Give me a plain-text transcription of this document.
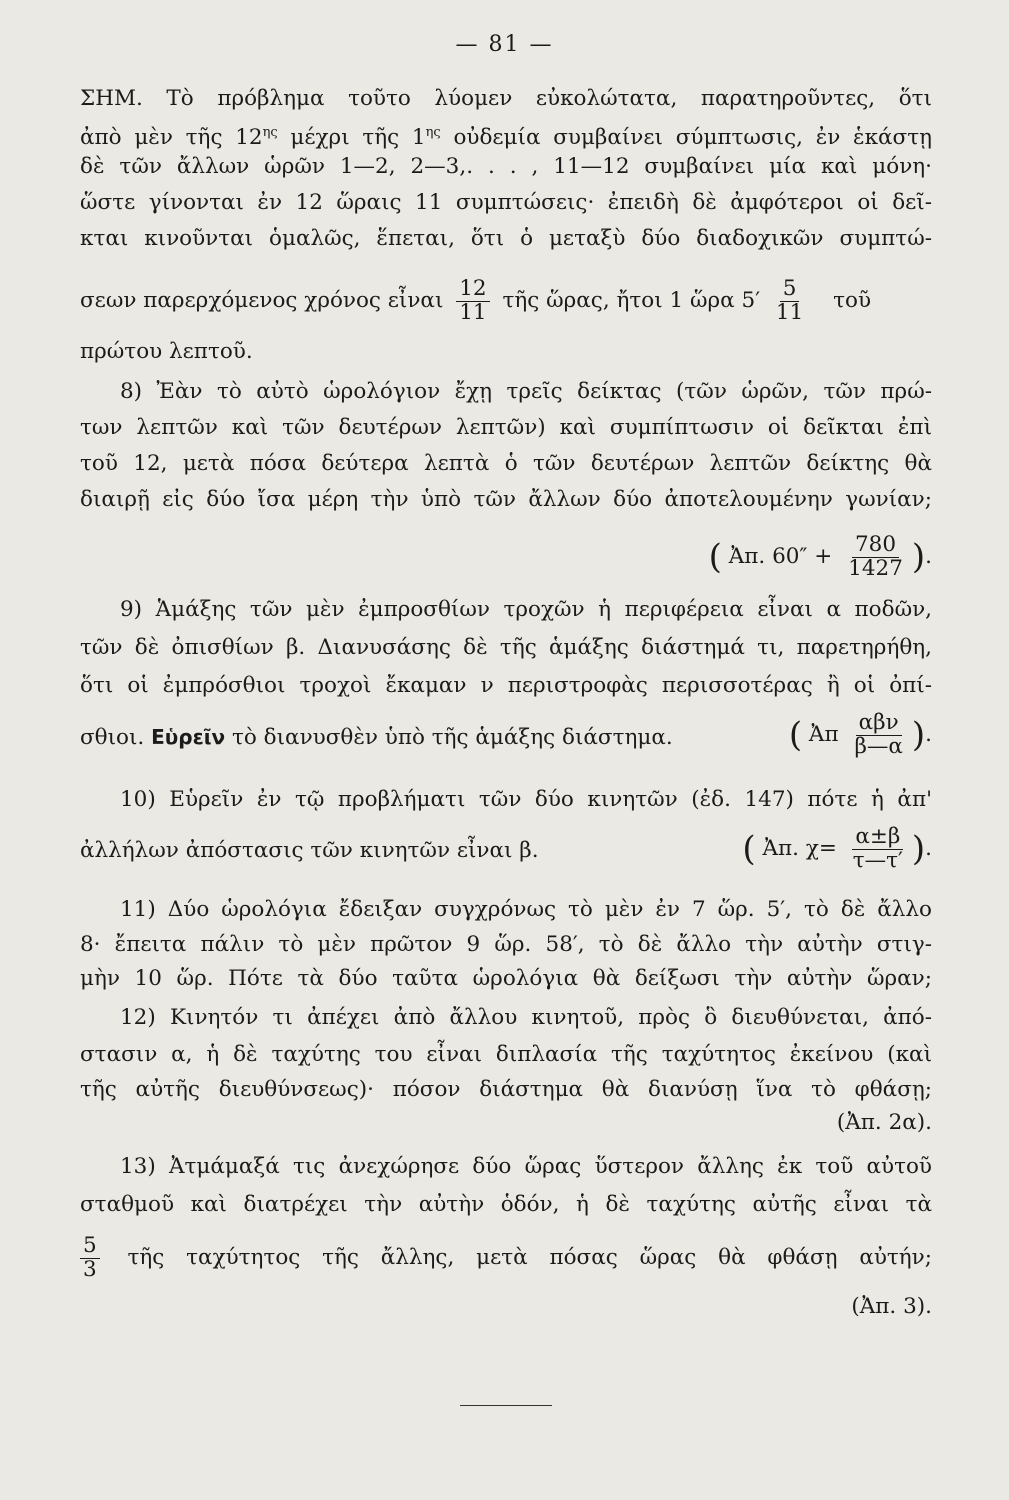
— 81 —
ΣΗΜ. Τὸ πρόβλημα τοῦτο λύομεν εὐκολώτατα, παρατηροῦντες, ὅτι
ἀπὸ μὲν τῆς $12^{\eta\varsigma}$ μέχρι τῆς $1^{\eta\varsigma}$ οὐδεμία συμβαίνει σύμπτωσις, ἐν ἑκάστῃ
δὲ τῶν ἄλλων ὡρῶν 1—2, 2—3,. . . , 11—12 συμβαίνει μία καὶ μόνη·
ὥστε γίνονται ἐν 12 ὥραις 11 συμπτώσεις· ἐπειδὴ δὲ ἀμφότεροι οἱ δεῖ-
κται κινοῦνται ὁμαλῶς, ἕπεται, ὅτι ὁ μεταξὺ δύο διαδοχικῶν συμπτώ-
σεων παρερχόμενος χρόνος εἶναι $\frac{12}{11}$ τῆς ὥρας, ἤτοι 1 ὥρα $5' \frac{5}{11}$ τοῦ
πρώτου λεπτοῦ.
8) Ἐὰν τὸ αὐτὸ ὡρολόγιον ἔχῃ τρεῖς δείκτας (τῶν ὡρῶν, τῶν πρώ-
των λεπτῶν καὶ τῶν δευτέρων λεπτῶν) καὶ συμπίπτωσιν οἱ δεῖκται ἐπὶ
τοῦ 12, μετὰ πόσα δεύτερα λεπτὰ ὁ τῶν δευτέρων λεπτῶν δείκτης θὰ
διαιρῇ εἰς δύο ἴσα μέρη τὴν ὑπὸ τῶν ἄλλων δύο ἀποτελουμένην γωνίαν;
( Ἀπ. $60'' + \frac{780}{1427}$ ).
9) Ἁμάξης τῶν μὲν ἐμπροσθίων τροχῶν ἡ περιφέρεια εἶναι α ποδῶν,
τῶν δὲ ὀπισθίων β. Διανυσάσης δὲ τῆς ἁμάξης διάστημά τι, παρετηρήθη,
ὅτι οἱ ἐμπρόσθιοι τροχοὶ ἔκαμαν ν περιστροφὰς περισσοτέρας ἢ οἱ ὀπί-
σθιοι. Εὑρεῖν τὸ διανυσθὲν ὑπὸ τῆς ἁμάξης διάστημα.	( Ἀπ $\frac{\text{αβν}}{\beta—\alpha}$ ).
10) Εὑρεῖν ἐν τῷ προβλήματι τῶν δύο κινητῶν (ἐδ. 147) πότε ἡ ἀπ'
ἀλλήλων ἀπόστασις τῶν κινητῶν εἶναι β.	( Ἀπ. $\chi= \frac{\alpha\pm\beta}{\tau—\tau'}$ ).
11) Δύο ὡρολόγια ἔδειξαν συγχρόνως τὸ μὲν ἐν 7 ὥρ. 5′, τὸ δὲ ἄλλο
8· ἔπειτα πάλιν τὸ μὲν πρῶτον 9 ὥρ. 58′, τὸ δὲ ἄλλο τὴν αὐτὴν στιγ-
μὴν 10 ὥρ. Πότε τὰ δύο ταῦτα ὡρολόγια θὰ δείξωσι τὴν αὐτὴν ὥραν;
12) Κινητόν τι ἀπέχει ἀπὸ ἄλλου κινητοῦ, πρὸς ὃ διευθύνεται, ἀπό-
στασιν α, ἡ δὲ ταχύτης του εἶναι διπλασία τῆς ταχύτητος ἐκείνου (καὶ
τῆς αὐτῆς διευθύνσεως)· πόσον διάστημα θὰ διανύσῃ ἵνα τὸ φθάσῃ;
(Ἀπ. 2α).
13) Ἀτμάμαξά τις ἀνεχώρησε δύο ὥρας ὕστερον ἄλλης ἐκ τοῦ αὐτοῦ
σταθμοῦ καὶ διατρέχει τὴν αὐτὴν ὁδόν, ἡ δὲ ταχύτης αὐτῆς εἶναι τὰ
$\frac{5}{3}$ τῆς ταχύτητος τῆς ἄλλης, μετὰ πόσας ὥρας θὰ φθάσῃ αὐτήν;
(Ἀπ. 3).
